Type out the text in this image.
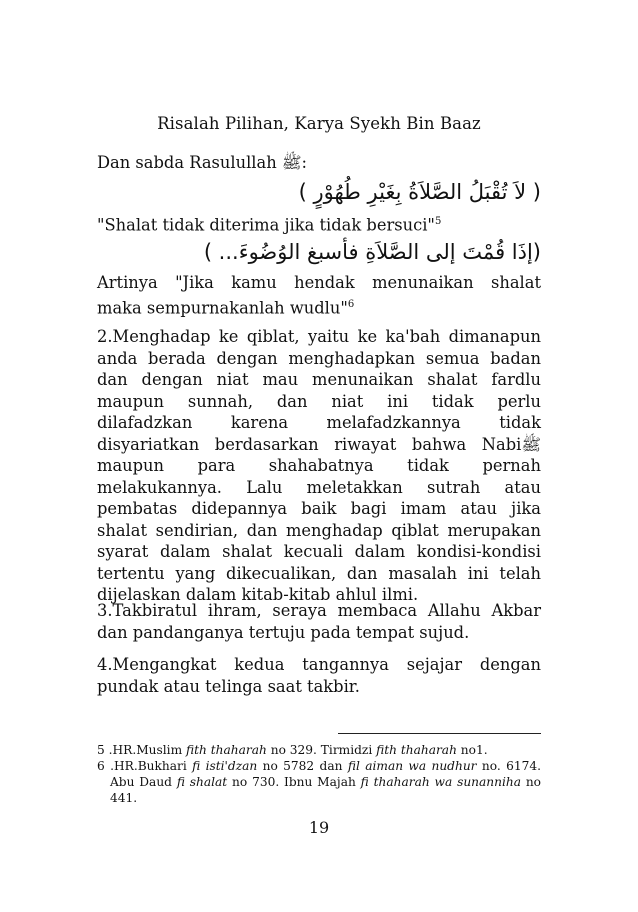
Risalah Pilihan, Karya Syekh Bin Baaz
Dan sabda Rasulullah ﷺ:
( لاَ تُقْبَلُ الصَّلاَةُ بِغَيْرِ طُهُوْرٍ )
"Shalat tidak diterima jika tidak bersuci"$^5$
(إذَا قُمْتَ إلى الصَّلاَةِ فأسبغ الوُضُوءَ... )
Artinya "Jika kamu hendak menunaikan shalat
maka sempurnakanlah wudlu"$^6$
2.Menghadap ke qiblat, yaitu ke ka'bah dimanapun
anda berada dengan menghadapkan semua badan
dan dengan niat mau menunaikan shalat fardlu
maupun sunnah, dan niat ini tidak perlu
dilafadzkan karena melafadzkannya tidak
disyariatkan berdasarkan riwayat bahwa Nabiﷺ
maupun para shahabatnya tidak pernah
melakukannya. Lalu meletakkan sutrah atau
pembatas didepannya baik bagi imam atau jika
shalat sendirian, dan menghadap qiblat merupakan
syarat dalam shalat kecuali dalam kondisi-kondisi
tertentu yang dikecualikan, dan masalah ini telah
dijelaskan dalam kitab-kitab ahlul ilmi.
3.Takbiratul ihram, seraya membaca Allahu Akbar
dan pandanganya tertuju pada tempat sujud.
4.Mengangkat kedua tangannya sejajar dengan
pundak atau telinga saat takbir.
5 .HR.Muslim fith thaharah no 329. Tirmidzi fith thaharah no1.
6 .HR.Bukhari fi isti'dzan no 5782 dan fil aiman wa nudhur no. 6174. Abu Daud fi shalat no 730. Ibnu Majah fi thaharah wa sunanniha no 441.
19
